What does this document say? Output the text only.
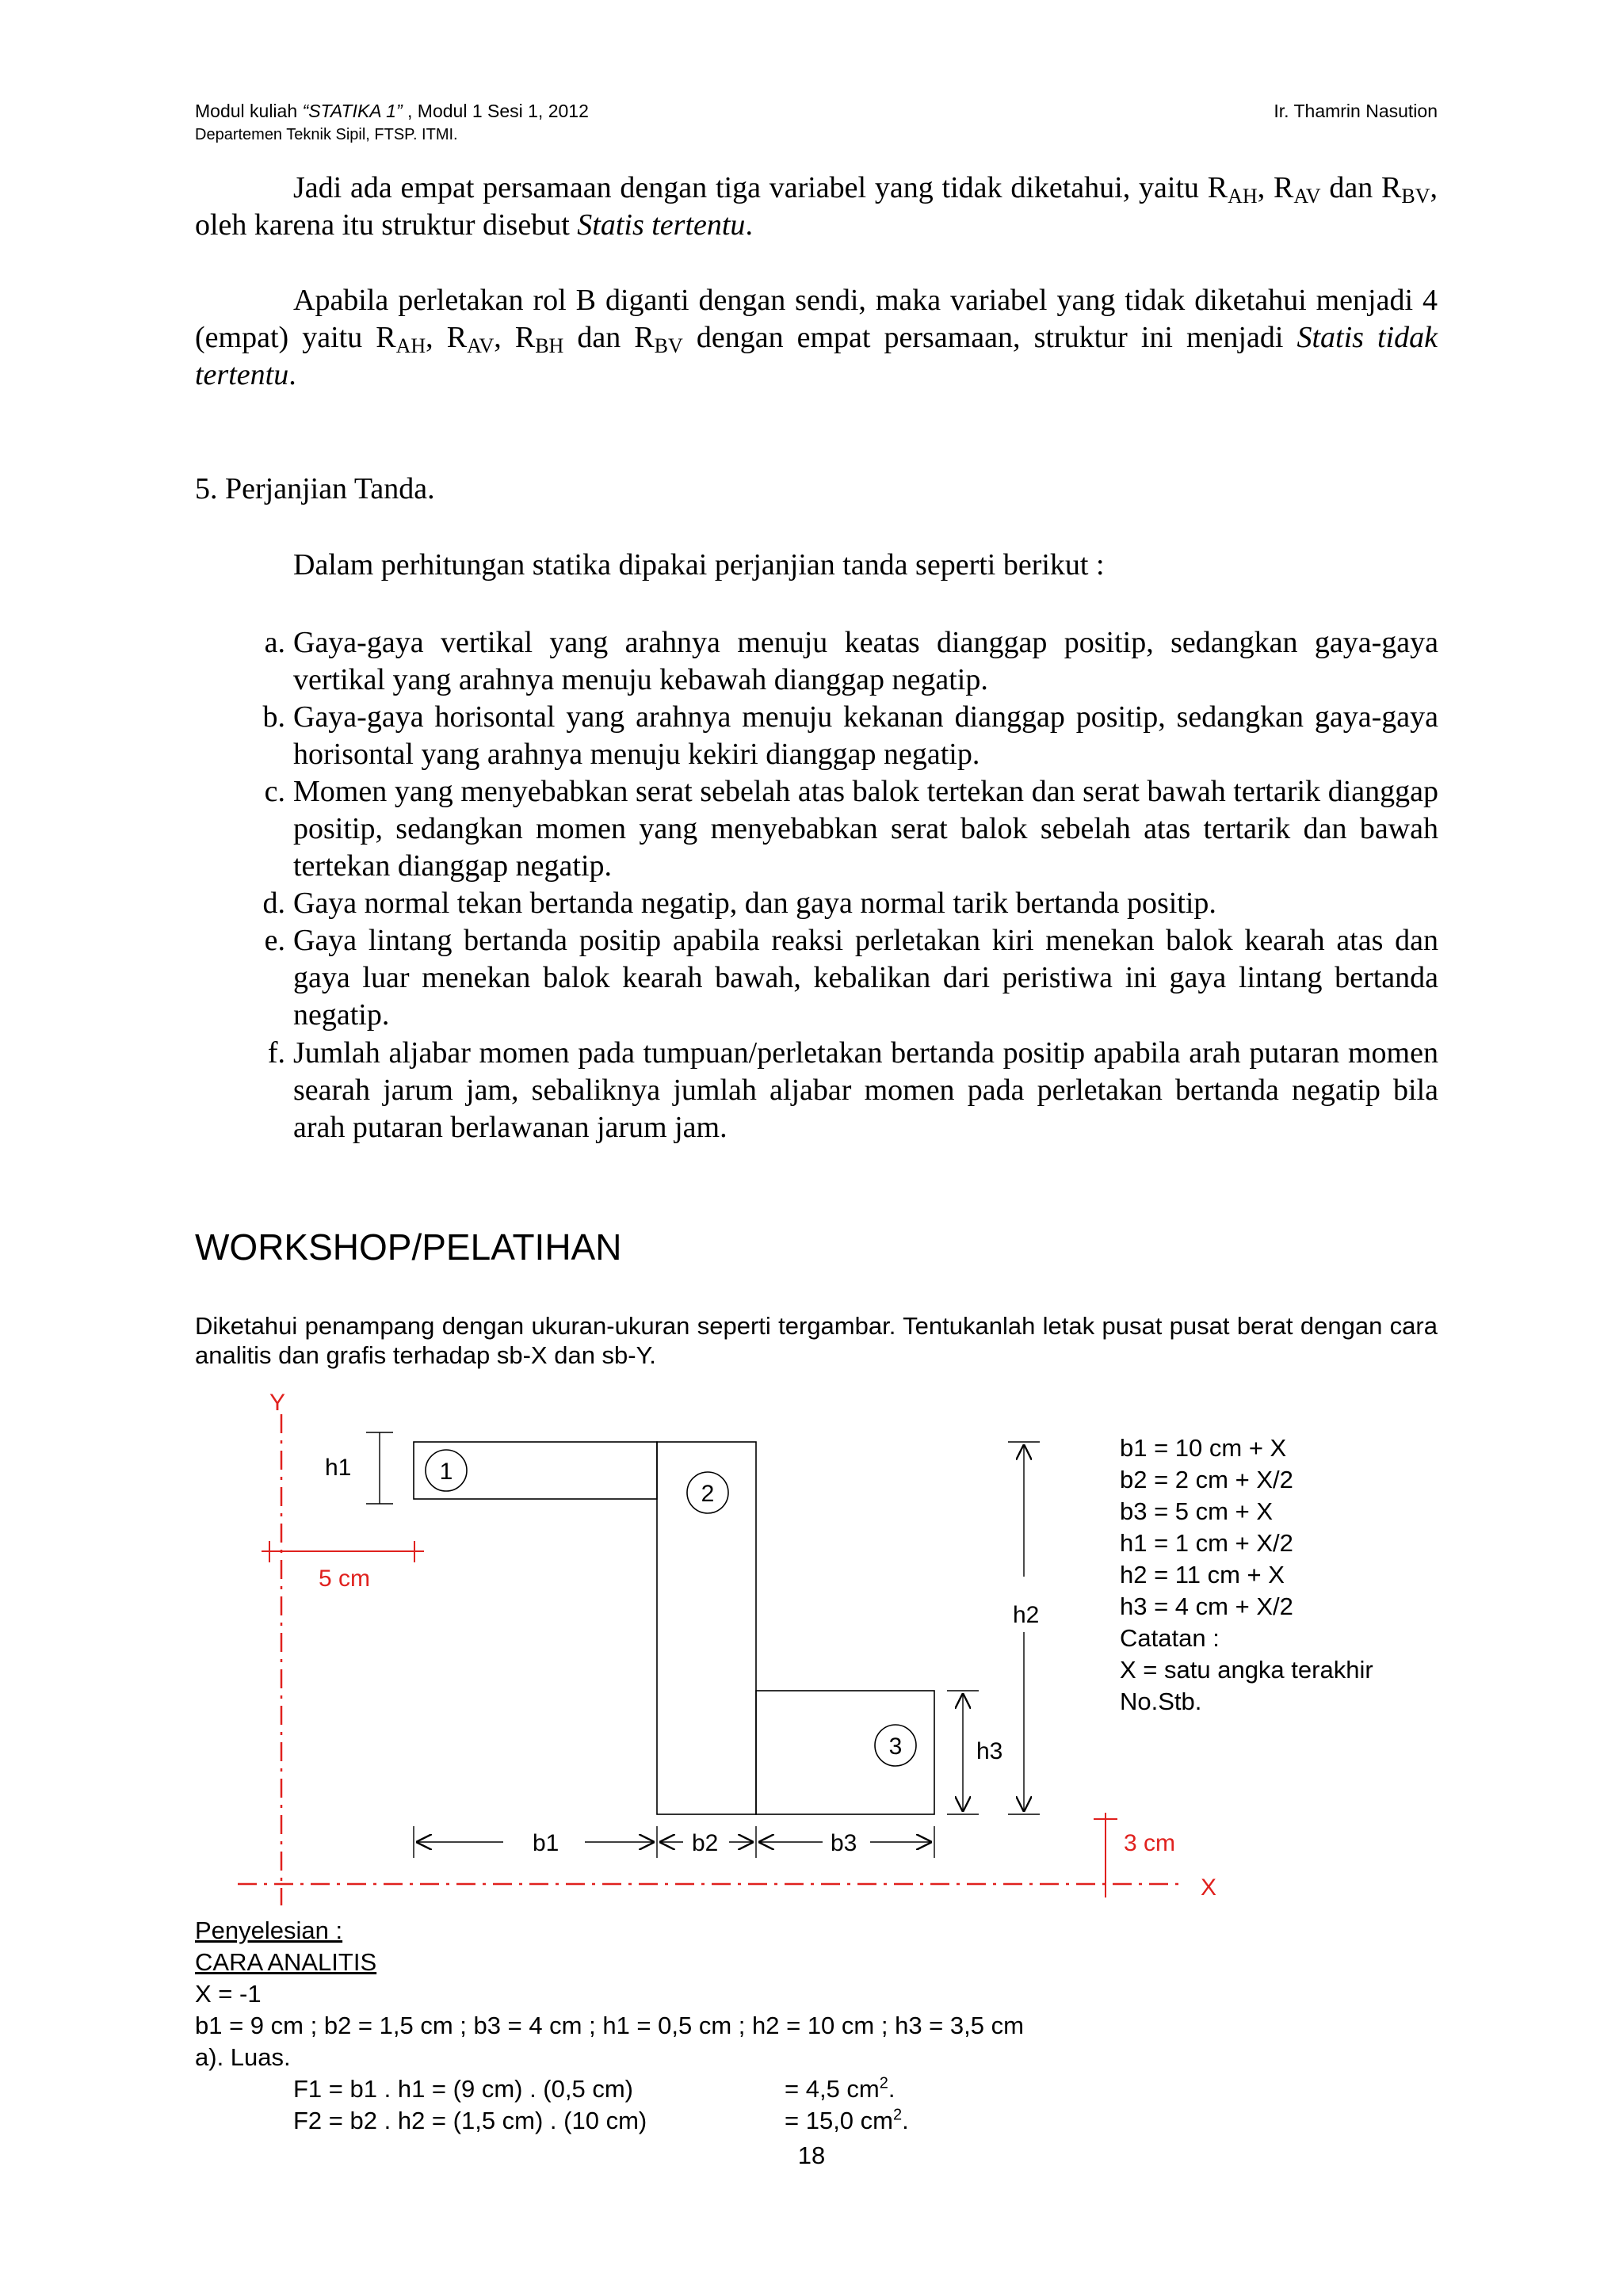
Modul kuliah “STATIKA 1” , Modul 1 Sesi 1, 2012
Departemen Teknik Sipil, FTSP. ITMI.
Ir. Thamrin Nasution
Jadi ada empat persamaan dengan tiga variabel yang tidak diketahui, yaitu $R_{AH}$, $R_{AV}$ dan $R_{BV}$, oleh karena itu struktur disebut Statis tertentu.
Apabila perletakan rol B diganti dengan sendi, maka variabel yang tidak diketahui menjadi 4 (empat) yaitu $R_{AH}$, $R_{AV}$, $R_{BH}$ dan $R_{BV}$ dengan empat persamaan, struktur ini menjadi Statis tidak tertentu.
5. Perjanjian Tanda.
Dalam perhitungan statika dipakai perjanjian tanda seperti berikut :
a. Gaya-gaya vertikal yang arahnya menuju keatas dianggap positip, sedangkan gaya-gaya vertikal yang arahnya menuju kebawah dianggap negatip.
b. Gaya-gaya horisontal yang arahnya menuju kekanan dianggap positip, sedangkan gaya-gaya horisontal yang arahnya menuju kekiri dianggap negatip.
c. Momen yang menyebabkan serat sebelah atas balok tertekan dan serat bawah tertarik dianggap positip, sedangkan momen yang menyebabkan serat balok sebelah atas tertarik dan bawah tertekan dianggap negatip.
d. Gaya normal tekan bertanda negatip, dan gaya normal tarik bertanda positip.
e. Gaya lintang bertanda positip apabila reaksi perletakan kiri menekan balok kearah atas dan gaya luar menekan balok kearah bawah, kebalikan dari peristiwa ini gaya lintang bertanda negatip.
f. Jumlah aljabar momen pada tumpuan/perletakan bertanda positip apabila arah putaran momen searah jarum jam, sebaliknya jumlah aljabar momen pada perletakan bertanda negatip bila arah putaran berlawanan jarum jam.
WORKSHOP/PELATIHAN
Diketahui penampang dengan ukuran-ukuran seperti tergambar. Tentukanlah letak pusat pusat berat dengan cara analitis dan grafis terhadap sb-X dan sb-Y.
Y
X
5 cm
3 cm
1
2
3
h1
h2
h3
b1	b2	b3
b1 = 10 cm + X
b2 = 2 cm + X/2
b3 = 5 cm + X
h1 = 1 cm + X/2
h2 = 11 cm + X
h3 = 4 cm + X/2
Catatan :
X = satu angka terakhir
No.Stb.
Penyelesian :
CARA ANALITIS
X = -1
b1 = 9 cm ; b2 = 1,5 cm ; b3 = 4 cm ; h1 = 0,5 cm ; h2 = 10 cm ; h3 = 3,5 cm
a). Luas.
F1 = b1 . h1 = (9 cm) . (0,5 cm)	= 4,5 $cm^2$.
F2 = b2 . h2 = (1,5 cm) . (10 cm)	= 15,0 $cm^2$.
18
